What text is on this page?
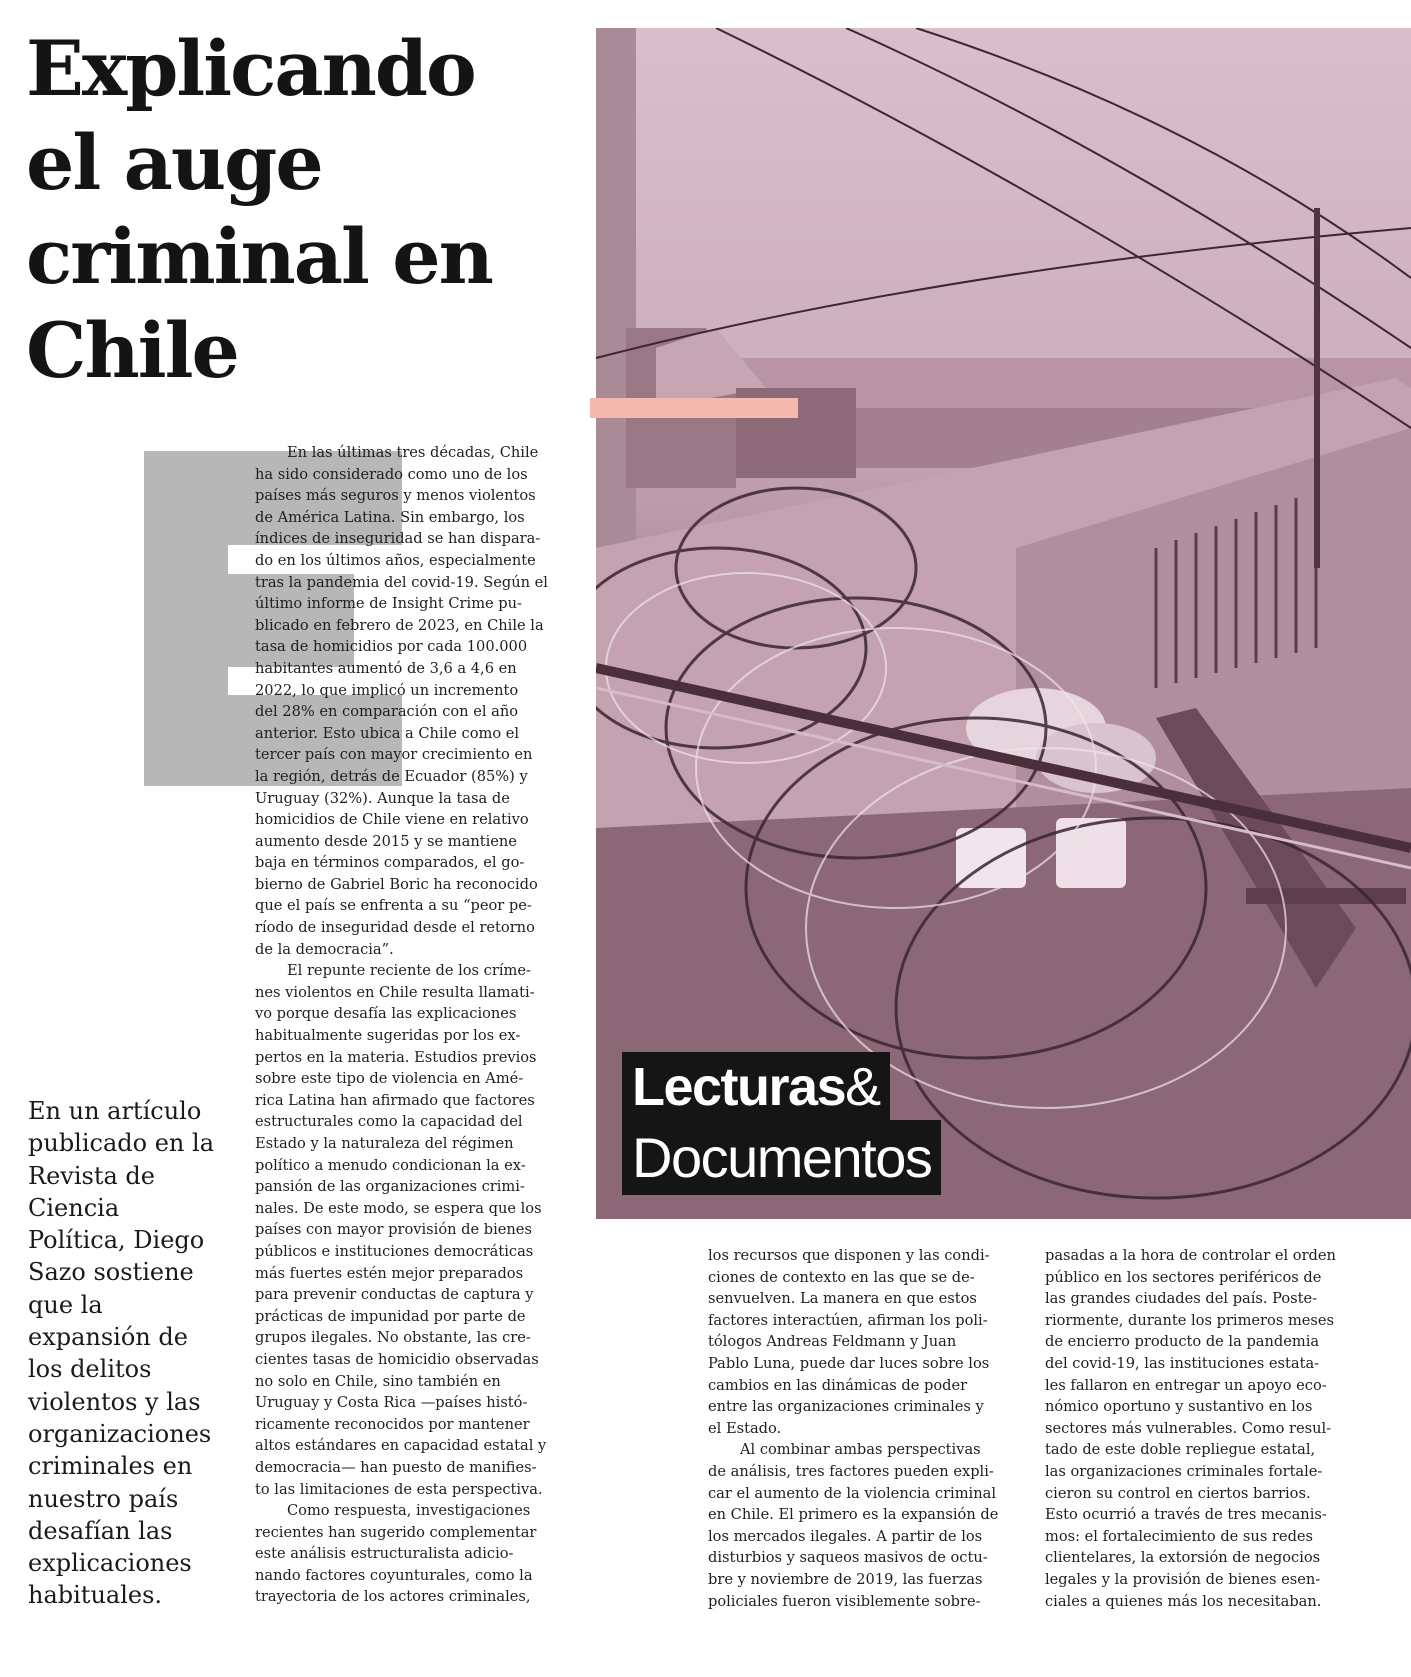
Explicando
el auge
criminal en
Chile
En las últimas tres décadas, Chile
ha sido considerado como uno de los
países más seguros y menos violentos
de América Latina. Sin embargo, los
índices de inseguridad se han dispara-
do en los últimos años, especialmente
tras la pandemia del covid-19. Según el
último informe de Insight Crime pu-
blicado en febrero de 2023, en Chile la
tasa de homicidios por cada 100.000
habitantes aumentó de 3,6 a 4,6 en
2022, lo que implicó un incremento
del 28% en comparación con el año
anterior. Esto ubica a Chile como el
tercer país con mayor crecimiento en
la región, detrás de Ecuador (85%) y
Uruguay (32%). Aunque la tasa de
homicidios de Chile viene en relativo
aumento desde 2015 y se mantiene
baja en términos comparados, el go-
bierno de Gabriel Boric ha reconocido
que el país se enfrenta a su “peor pe-
ríodo de inseguridad desde el retorno
de la democracia”.
El repunte reciente de los críme-
nes violentos en Chile resulta llamati-
vo porque desafía las explicaciones
habitualmente sugeridas por los ex-
pertos en la materia. Estudios previos
sobre este tipo de violencia en Amé-
rica Latina han afirmado que factores
estructurales como la capacidad del
Estado y la naturaleza del régimen
político a menudo condicionan la ex-
pansión de las organizaciones crimi-
nales. De este modo, se espera que los
países con mayor provisión de bienes
públicos e instituciones democráticas
más fuertes estén mejor preparados
para prevenir conductas de captura y
prácticas de impunidad por parte de
grupos ilegales. No obstante, las cre-
cientes tasas de homicidio observadas
no solo en Chile, sino también en
Uruguay y Costa Rica —países histó-
ricamente reconocidos por mantener
altos estándares en capacidad estatal y
democracia— han puesto de manifies-
to las limitaciones de esta perspectiva.
Como respuesta, investigaciones
recientes han sugerido complementar
este análisis estructuralista adicio-
nando factores coyunturales, como la
trayectoria de los actores criminales,
Lecturas&
Documentos

En un artículo
publicado en la
Revista de
Ciencia
Política, Diego
Sazo sostiene
que la
expansión de
los delitos
violentos y las
organizaciones
criminales en
nuestro país
desafían las
explicaciones
habituales.

los recursos que disponen y las condi-
ciones de contexto en las que se de-
senvuelven. La manera en que estos
factores interactúen, afirman los poli-
tólogos Andreas Feldmann y Juan
Pablo Luna, puede dar luces sobre los
cambios en las dinámicas de poder
entre las organizaciones criminales y
el Estado.
Al combinar ambas perspectivas
de análisis, tres factores pueden expli-
car el aumento de la violencia criminal
en Chile. El primero es la expansión de
los mercados ilegales. A partir de los
disturbios y saqueos masivos de octu-
bre y noviembre de 2019, las fuerzas
policiales fueron visiblemente sobre-
pasadas a la hora de controlar el orden
público en los sectores periféricos de
las grandes ciudades del país. Poste-
riormente, durante los primeros meses
de encierro producto de la pandemia
del covid-19, las instituciones estata-
les fallaron en entregar un apoyo eco-
nómico oportuno y sustantivo en los
sectores más vulnerables. Como resul-
tado de este doble repliegue estatal,
las organizaciones criminales fortale-
cieron su control en ciertos barrios.
Esto ocurrió a través de tres mecanis-
mos: el fortalecimiento de sus redes
clientelares, la extorsión de negocios
legales y la provisión de bienes esen-
ciales a quienes más los necesitaban.
